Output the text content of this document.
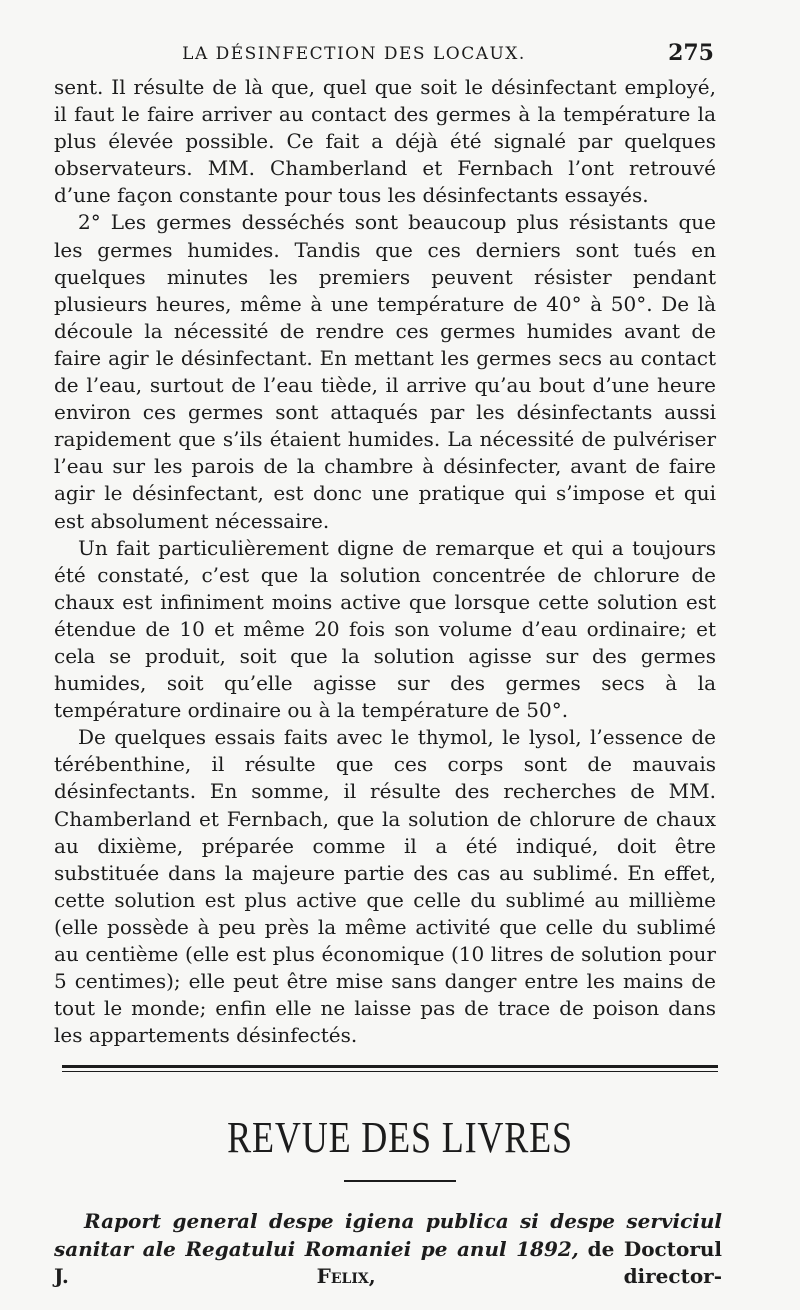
LA DÉSINFECTION DES LOCAUX.	275

sent. Il résulte de là que, quel que soit le désinfectant employé, il faut le faire arriver au contact des germes à la température la plus élevée possible. Ce fait a déjà été signalé par quelques observateurs. MM. Chamberland et Fernbach l’ont retrouvé d’une façon constante pour tous les désinfectants essayés.

2° Les germes desséchés sont beaucoup plus résistants que les germes humides. Tandis que ces derniers sont tués en quelques minutes les premiers peuvent résister pendant plusieurs heures, même à une température de 40° à 50°. De là découle la nécessité de rendre ces germes humides avant de faire agir le désinfectant. En mettant les germes secs au contact de l’eau, surtout de l’eau tiède, il arrive qu’au bout d’une heure environ ces germes sont attaqués par les désinfectants aussi rapidement que s’ils étaient humides. La nécessité de pulvériser l’eau sur les parois de la chambre à désinfecter, avant de faire agir le désinfectant, est donc une pratique qui s’impose et qui est absolument nécessaire.

Un fait particulièrement digne de remarque et qui a toujours été constaté, c’est que la solution concentrée de chlorure de chaux est infiniment moins active que lorsque cette solution est étendue de 10 et même 20 fois son volume d’eau ordinaire; et cela se produit, soit que la solution agisse sur des germes humides, soit qu’elle agisse sur des germes secs à la température ordinaire ou à la température de 50°.

De quelques essais faits avec le thymol, le lysol, l’essence de térébenthine, il résulte que ces corps sont de mauvais désinfectants. En somme, il résulte des recherches de MM. Chamberland et Fernbach, que la solution de chlorure de chaux au dixième, préparée comme il a été indiqué, doit être substituée dans la majeure partie des cas au sublimé. En effet, cette solution est plus active que celle du sublimé au millième (elle possède à peu près la même activité que celle du sublimé au centième (elle est plus économique (10 litres de solution pour 5 centimes); elle peut être mise sans danger entre les mains de tout le monde; enfin elle ne laisse pas de trace de poison dans les appartements désinfectés.

REVUE DES LIVRES

Raport general despe igiena publica si despe serviciul sanitar ale Regatului Romaniei pe anul 1892, de Doctorul J.	Felix,	director-
